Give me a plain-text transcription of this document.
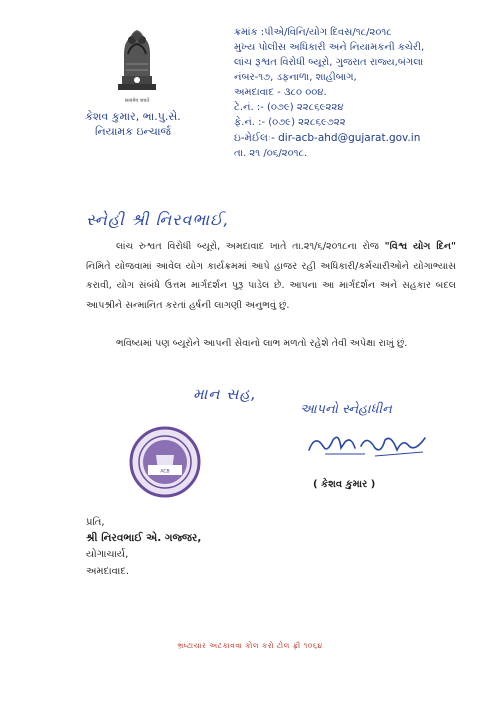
सत्यमेव जयते
કેશવ કુમાર, ભા.પુ.સે.
નિયામક ઇન્ચાર્જ
ક્રમાંક :પીએ/વિનિ/યોગ દિવસ/૧૮/૨૦૧૮
મુખ્ય પોલીસ અધિકારી અને નિયામકની કચેરી,
લાંચ રૂશ્વત વિરોધી બ્યૂરો, ગુજરાત રાજ્ય,બંગલા
નંબર-૧૭, ડફનાળા, શાહીબાગ,
અમદાવાદ - ૩૮૦ ૦૦૪.
ટે.નં. :- (૦૭૯) ૨૨૮૬૯૨૨૪
ફે.નં. :- (૦૭૯) ૨૨૮૬૯૭૨૨
ઇ-મેઈલઃ- dir-acb-ahd@gujarat.gov.in
તા. ૨૧ /૦૬/૨૦૧૮.
સ્નેહી શ્રી નિરવભાઈ,
લાંચ રુશ્વત વિરોધી બ્યૂરો, અમદાવાદ ખાતે તા.૨૧/૬/૨૦૧૮ના રોજ "વિશ્વ યોગ દિન" નિમિતે યોજવામાં આવેલ યોગ કાર્યક્રમમાં આપે હાજર રહી અધિકારી/કર્મચારીઓને યોગાભ્યાસ કરાવી, યોગ સંબંધે ઉત્તમ માર્ગદર્શન પુરૂ પાડેલ છે. આપના આ માર્ગદર્શન અને સહકાર બદલ આપશ્રીને સન્માનિત કરતાં હર્ષની લાગણી અનુભવું છું.
ભવિષ્યમાં પણ બ્યૂરોને આપની સેવાનો લાભ મળતો રહેશે તેવી અપેક્ષા રાખું છું.
માન સહ,
આપનો સ્નેહાધીન
( કેશવ કુમાર )
ACB
પ્રતિ,
શ્રી નિરવભાઈ એ. ગજ્જર,
યોગાચાર્ય,
અમદાવાદ.
ભ્રષ્ટાચાર અટકાવવા કોલ કરો ટોલ ફ્રી ૧૦૬૪
